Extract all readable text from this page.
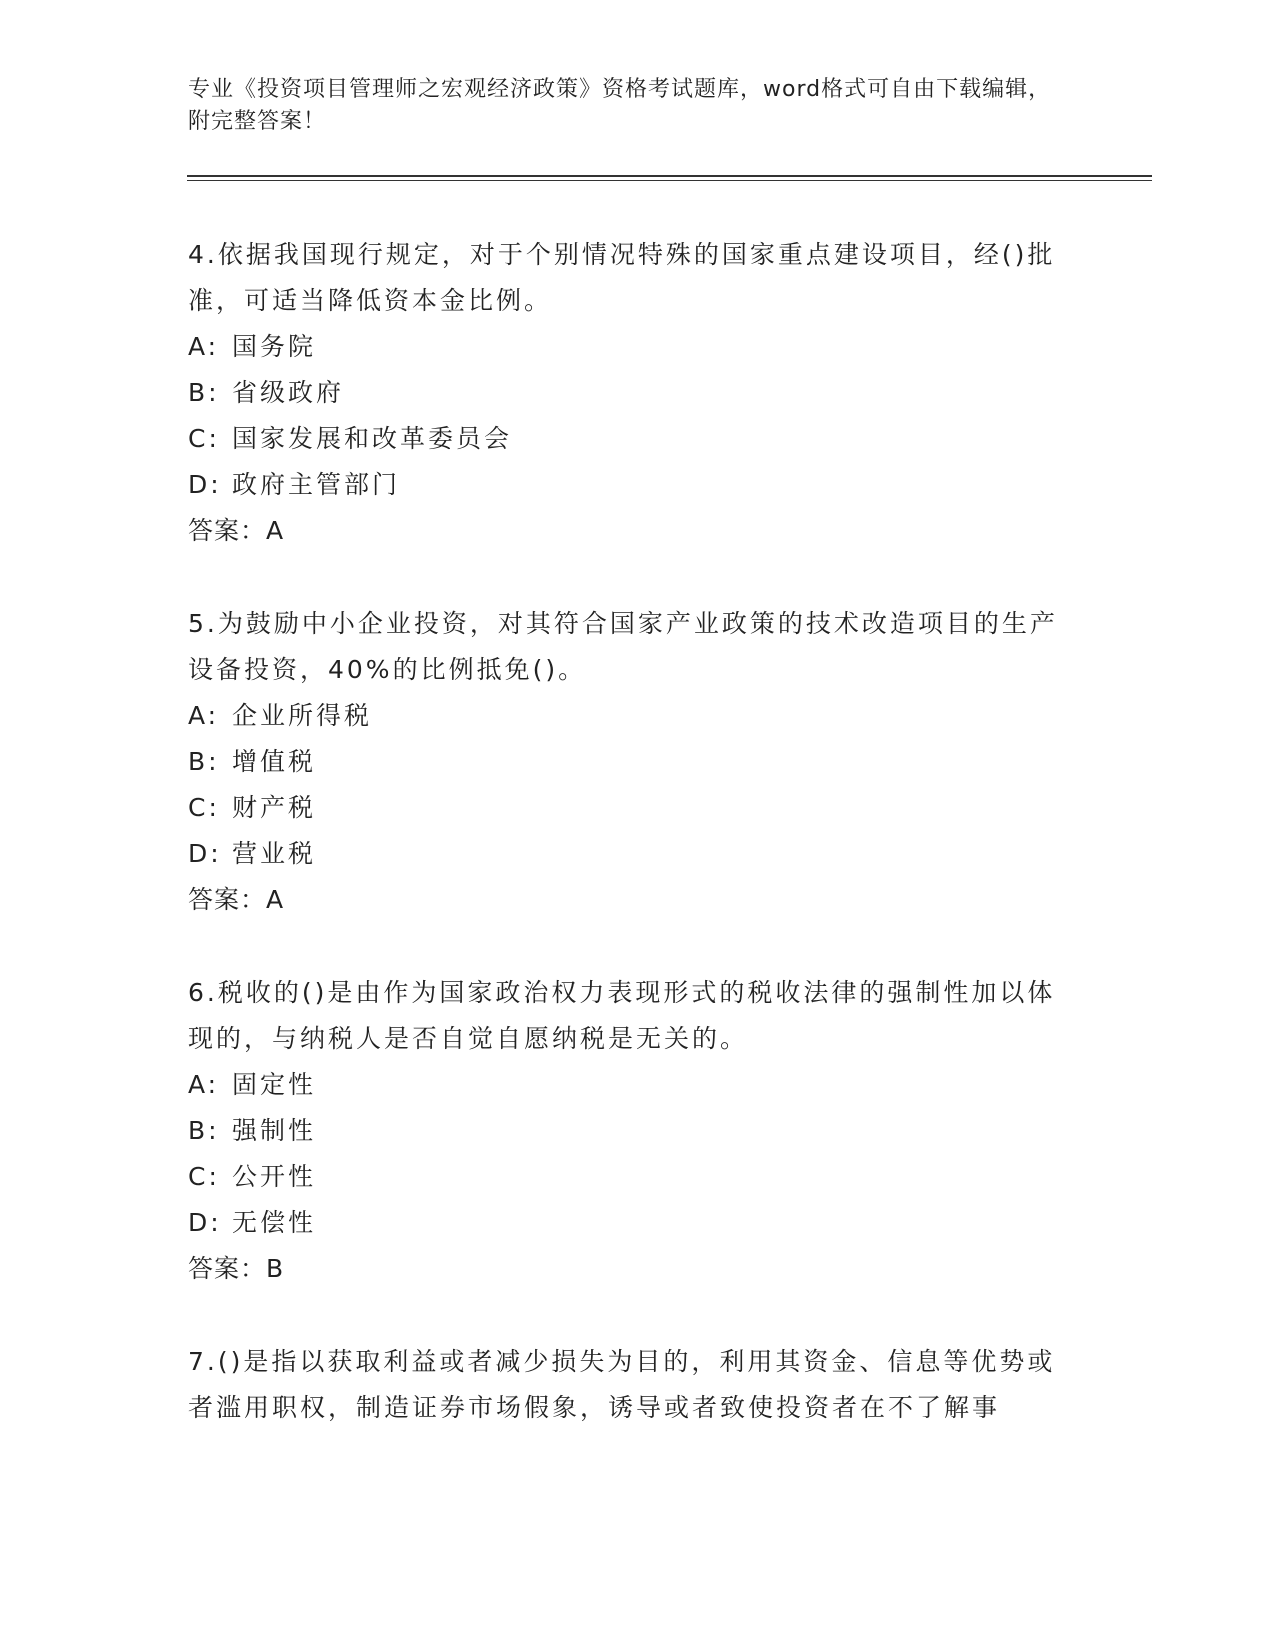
专业《投资项目管理师之宏观经济政策》资格考试题库，word格式可自由下载编辑，附完整答案！
4.依据我国现行规定，对于个别情况特殊的国家重点建设项目，经()批准，可适当降低资本金比例。
A: 国务院
B: 省级政府
C: 国家发展和改革委员会
D: 政府主管部门
答案：A
5.为鼓励中小企业投资，对其符合国家产业政策的技术改造项目的生产设备投资，40%的比例抵免()。
A: 企业所得税
B: 增值税
C: 财产税
D: 营业税
答案：A
6.税收的()是由作为国家政治权力表现形式的税收法律的强制性加以体现的，与纳税人是否自觉自愿纳税是无关的。
A: 固定性
B: 强制性
C: 公开性
D: 无偿性
答案：B
7.()是指以获取利益或者减少损失为目的，利用其资金、信息等优势或者滥用职权，制造证券市场假象，诱导或者致使投资者在不了解事
